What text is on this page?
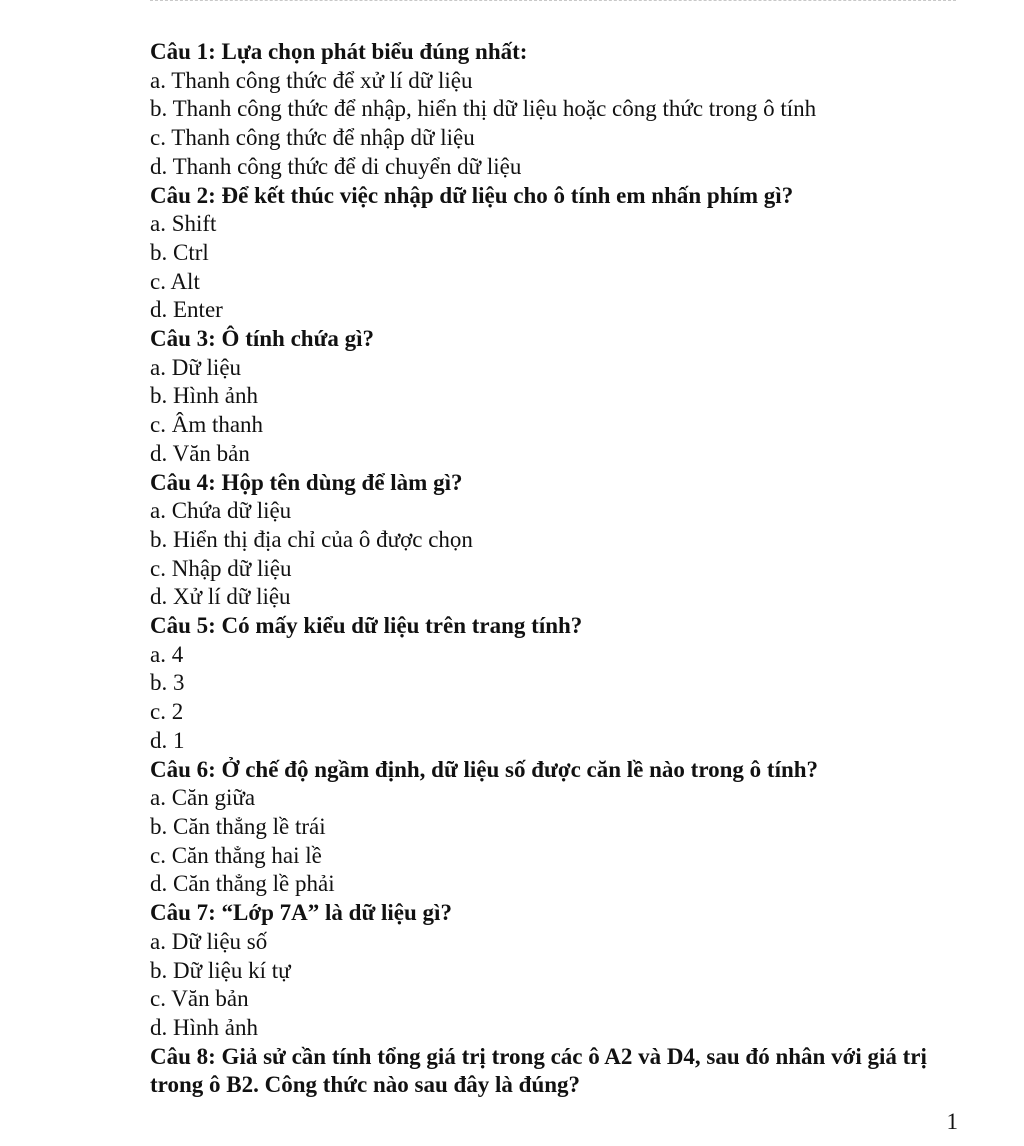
Câu 1: Lựa chọn phát biểu đúng nhất:
a. Thanh công thức để xử lí dữ liệu
b. Thanh công thức để nhập, hiển thị dữ liệu hoặc công thức trong ô tính
c. Thanh công thức để nhập dữ liệu
d. Thanh công thức để di chuyển dữ liệu
Câu 2: Để kết thúc việc nhập dữ liệu cho ô tính em nhấn phím gì?
a. Shift
b. Ctrl
c. Alt
d. Enter
Câu 3: Ô tính chứa gì?
a. Dữ liệu
b. Hình ảnh
c. Âm thanh
d. Văn bản
Câu 4: Hộp tên dùng để làm gì?
a. Chứa dữ liệu
b. Hiển thị địa chỉ của ô được chọn
c. Nhập dữ liệu
d. Xử lí dữ liệu
Câu 5: Có mấy kiểu dữ liệu trên trang tính?
a. 4
b. 3
c. 2
d. 1
Câu 6: Ở chế độ ngầm định, dữ liệu số được căn lề nào trong ô tính?
a. Căn giữa
b. Căn thẳng lề trái
c. Căn thẳng hai lề
d. Căn thẳng lề phải
Câu 7: “Lớp 7A” là dữ liệu gì?
a. Dữ liệu số
b. Dữ liệu kí tự
c. Văn bản
d. Hình ảnh
Câu 8: Giả sử cần tính tổng giá trị trong các ô A2 và D4, sau đó nhân với giá trị trong ô B2. Công thức nào sau đây là đúng?
1
